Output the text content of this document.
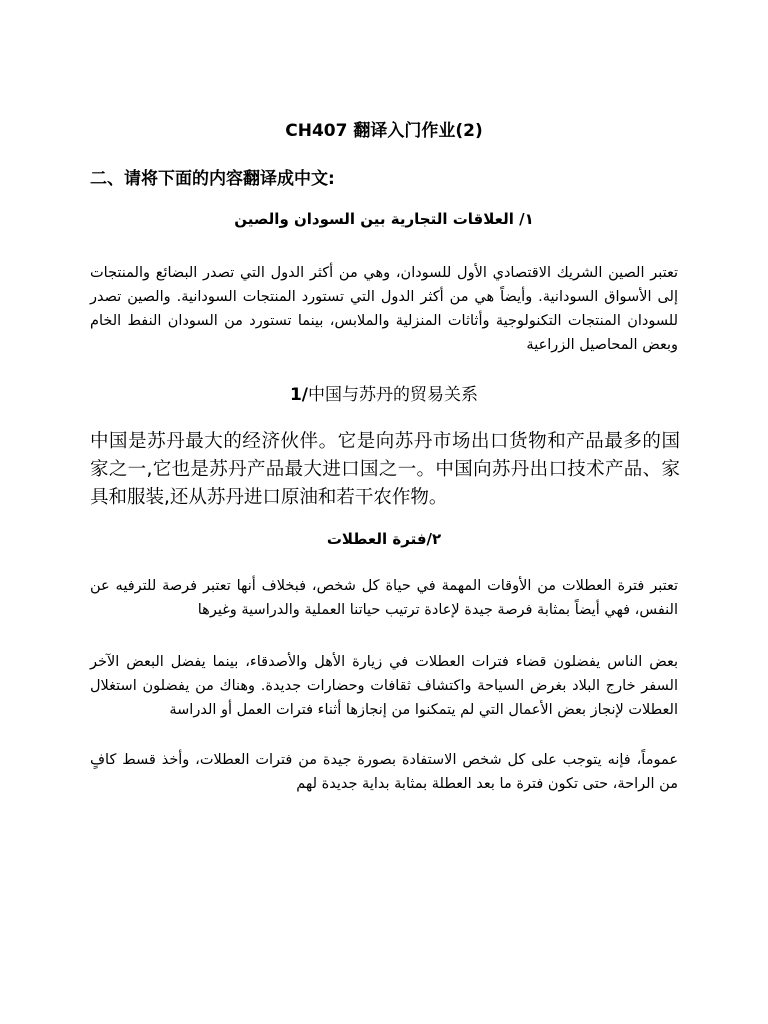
CH407 翻译入门作业(2)
二、请将下面的内容翻译成中文:
١/ العلاقات التجارية بين السودان والصين
تعتبر الصين الشريك الاقتصادي الأول للسودان، وهي من أكثر الدول التي تصدر البضائع والمنتجات إلى الأسواق السودانية. وأيضاً هي من أكثر الدول التي تستورد المنتجات السودانية. والصين تصدر للسودان المنتجات التكنولوجية وأثاثات المنزلية والملابس، بينما تستورد من السودان النفط الخام وبعض المحاصيل الزراعية
1/中国与苏丹的贸易关系
中国是苏丹最大的经济伙伴。它是向苏丹市场出口货物和产品最多的国家之一,它也是苏丹产品最大进口国之一。中国向苏丹出口技术产品、家具和服装,还从苏丹进口原油和若干农作物。
٢/فترة العطلات
تعتبر فترة العطلات من الأوقات المهمة في حياة كل شخص، فبخلاف أنها تعتبر فرصة للترفيه عن النفس، فهي أيضاً بمثابة فرصة جيدة لإعادة ترتيب حياتنا العملية والدراسية وغيرها
بعض الناس يفضلون قضاء فترات العطلات في زيارة الأهل والأصدقاء، بينما يفضل البعض الآخر السفر خارج البلاد بغرض السياحة واكتشاف ثقافات وحضارات جديدة. وهناك من يفضلون استغلال العطلات لإنجاز بعض الأعمال التي لم يتمكنوا من إنجازها أثناء فترات العمل أو الدراسة
عموماً، فإنه يتوجب على كل شخص الاستفادة بصورة جيدة من فترات العطلات، وأخذ قسط كافٍ من الراحة، حتى تكون فترة ما بعد العطلة بمثابة بداية جديدة لهم
